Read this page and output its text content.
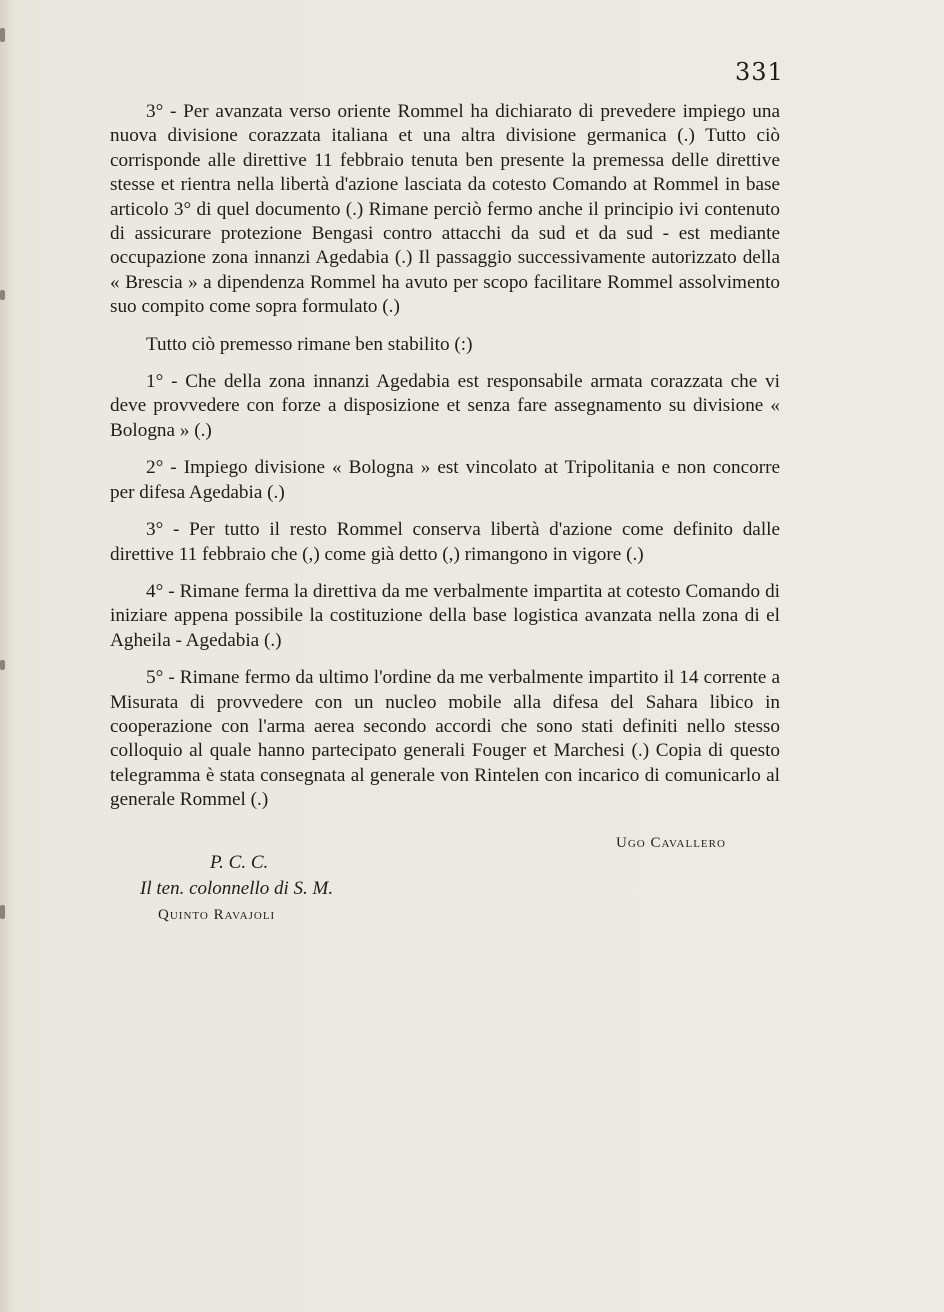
331

3° - Per avanzata verso oriente Rommel ha dichiarato di prevedere impiego una nuova divisione corazzata italiana et una altra divisione germanica (.) Tutto ciò corrisponde alle direttive 11 febbraio tenuta ben presente la premessa delle direttive stesse et rientra nella libertà d'azione lasciata da cotesto Comando at Rommel in base articolo 3° di quel documento (.) Rimane perciò fermo anche il principio ivi contenuto di assicurare protezione Bengasi contro attacchi da sud et da sud - est mediante occupazione zona innanzi Agedabia (.) Il passaggio successivamente autorizzato della « Brescia » a dipendenza Rommel ha avuto per scopo facilitare Rommel assolvimento suo compito come sopra formulato (.)

Tutto ciò premesso rimane ben stabilito (:)

1° - Che della zona innanzi Agedabia est responsabile armata corazzata che vi deve provvedere con forze a disposizione et senza fare assegnamento su divisione « Bologna » (.)

2° - Impiego divisione « Bologna » est vincolato at Tripolitania e non concorre per difesa Agedabia (.)

3° - Per tutto il resto Rommel conserva libertà d'azione come definito dalle direttive 11 febbraio che (,) come già detto (,) rimangono in vigore (.)

4° - Rimane ferma la direttiva da me verbalmente impartita at cotesto Comando di iniziare appena possibile la costituzione della base logistica avanzata nella zona di el Agheila - Agedabia (.)

5° - Rimane fermo da ultimo l'ordine da me verbalmente impartito il 14 corrente a Misurata di provvedere con un nucleo mobile alla difesa del Sahara libico in cooperazione con l'arma aerea secondo accordi che sono stati definiti nello stesso colloquio al quale hanno partecipato generali Fouger et Marchesi (.) Copia di questo telegramma è stata consegnata al generale von Rintelen con incarico di comunicarlo al generale Rommel (.)

Ugo Cavallero

P. C. C.

Il ten. colonnello di S. M.

Quinto Ravajoli
